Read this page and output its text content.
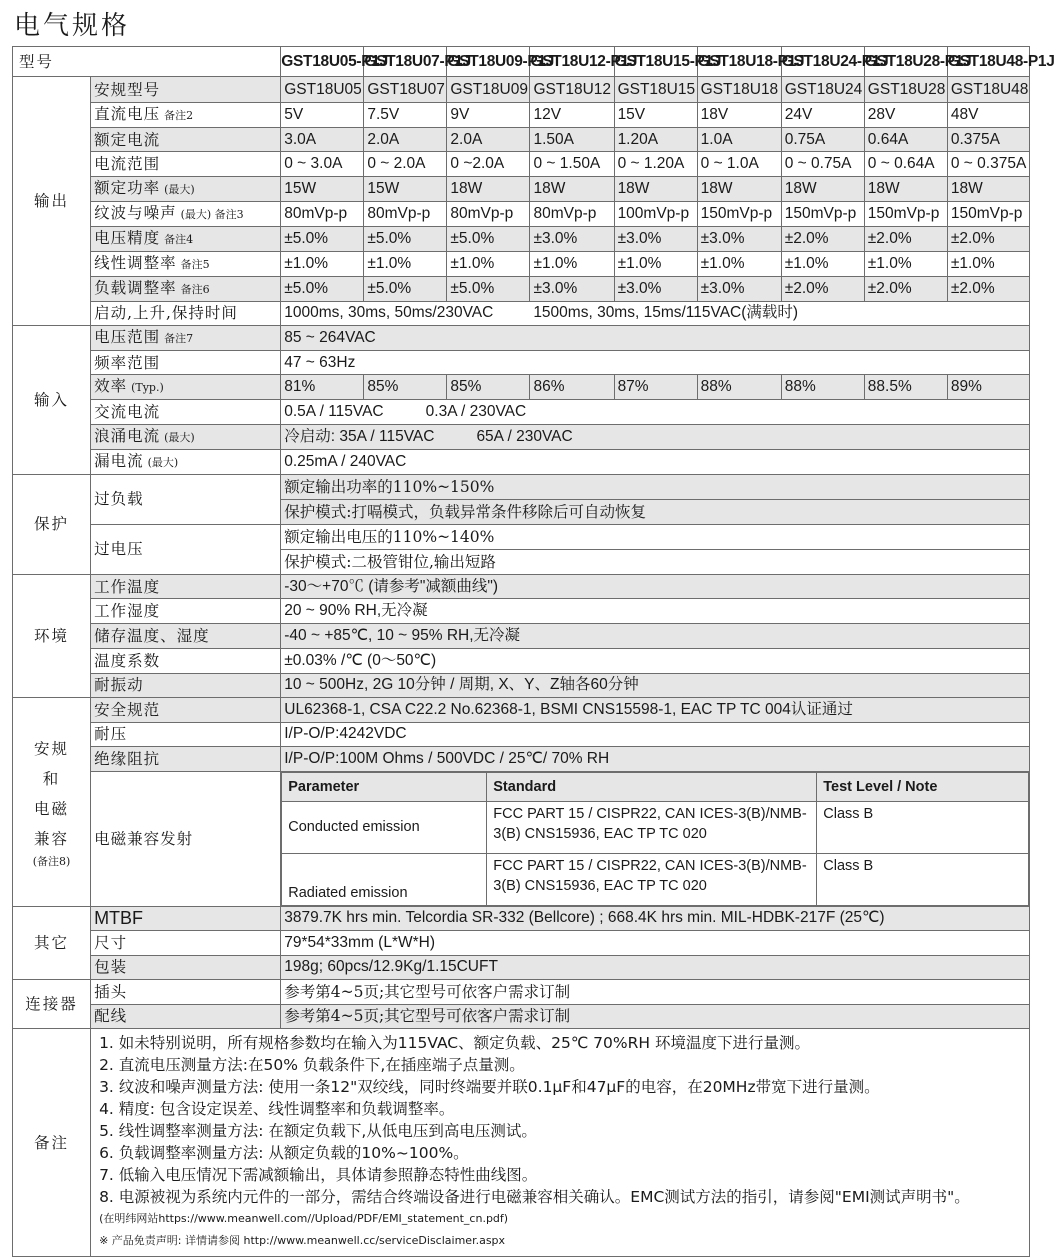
电气规格
型号	GST18U05-P1J	GST18U07-P1J	GST18U09-P1J	GST18U12-P1J	GST18U15-P1J	GST18U18-P1J	GST18U24-P1J	GST18U28-P1J	GST18U48-P1J
输出	安规型号	GST18U05	GST18U07	GST18U09	GST18U12	GST18U15	GST18U18	GST18U24	GST18U28	GST18U48
直流电压 备注2	5V	7.5V	9V	12V	15V	18V	24V	28V	48V
额定电流	3.0A	2.0A	2.0A	1.50A	1.20A	1.0A	0.75A	0.64A	0.375A
电流范围	0 ~ 3.0A	0 ~ 2.0A	0 ~2.0A	0 ~ 1.50A	0 ~ 1.20A	0 ~ 1.0A	0 ~ 0.75A	0 ~ 0.64A	0 ~ 0.375A
额定功率 (最大)	15W	15W	18W	18W	18W	18W	18W	18W	18W
纹波与噪声 (最大) 备注3	80mVp-p	80mVp-p	80mVp-p	80mVp-p	100mVp-p	150mVp-p	150mVp-p	150mVp-p	150mVp-p
电压精度 备注4	±5.0%	±5.0%	±5.0%	±3.0%	±3.0%	±3.0%	±2.0%	±2.0%	±2.0%
线性调整率 备注5	±1.0%	±1.0%	±1.0%	±1.0%	±1.0%	±1.0%	±1.0%	±1.0%	±1.0%
负载调整率 备注6	±5.0%	±5.0%	±5.0%	±3.0%	±3.0%	±3.0%	±2.0%	±2.0%	±2.0%
启动,上升,保持时间	1000ms, 30ms, 50ms/230VAC	1500ms, 30ms, 15ms/115VAC(满载时)
输入	电压范围 备注7	85 ~ 264VAC
频率范围	47 ~ 63Hz
效率 (Typ.)	81%	85%	85%	86%	87%	88%	88%	88.5%	89%
交流电流	0.5A / 115VAC	0.3A / 230VAC
浪涌电流 (最大)	冷启动: 35A / 115VAC	65A / 230VAC
漏电流 (最大)	0.25mA / 240VAC
保护	过负载	额定输出功率的110%~150%
保护模式:打嗝模式，负载异常条件移除后可自动恢复
过电压	额定输出电压的110%~140%
保护模式:二极管钳位,输出短路
环境	工作温度	-30～+70℃ (请参考"减额曲线")
工作湿度	20 ~ 90% RH,无冷凝
储存温度、湿度	-40 ~ +85℃, 10 ~ 95% RH,无冷凝
温度系数	±0.03% /℃ (0～50℃)
耐振动	10 ~ 500Hz, 2G 10分钟 / 周期, X、Y、Z轴各60分钟

安规
和
电磁
兼容
(备注8)
	安全规范	UL62368-1, CSA C22.2 No.62368-1, BSMI CNS15598-1, EAC TP TC 004认证通过
耐压	I/P-O/P:4242VDC
绝缘阻抗	I/P-O/P:100M Ohms / 500VDC / 25℃/ 70% RH
电磁兼容发射	
Parameter	Standard	Test Level / Note
Conducted emission	FCC PART 15 / CISPR22, CAN ICES-3(B)/NMB-3(B) CNS15936, EAC TP TC 020	Class B
Radiated emission	FCC PART 15 / CISPR22, CAN ICES-3(B)/NMB-3(B) CNS15936, EAC TP TC 020	Class B

其它	MTBF	3879.7K hrs min. Telcordia SR-332 (Bellcore) ; 668.4K hrs min. MIL-HDBK-217F (25℃)
尺寸	79*54*33mm (L*W*H)
包装	198g; 60pcs/12.9Kg/1.15CUFT
连接器	插头	参考第4~5页;其它型号可依客户需求订制
配线	参考第4~5页;其它型号可依客户需求订制
备注	
1. 如未特别说明，所有规格参数均在输入为115VAC、额定负载、25℃ 70%RH 环境温度下进行量测。
2. 直流电压测量方法:在50% 负载条件下,在插座端子点量测。
3. 纹波和噪声测量方法: 使用一条12"双绞线，同时终端要并联0.1μF和47μF的电容，在20MHz带宽下进行量测。
4. 精度: 包含设定误差、线性调整率和负载调整率。
5. 线性调整率测量方法: 在额定负载下,从低电压到高电压测试。
6. 负载调整率测量方法: 从额定负载的10%~100%。
7. 低输入电压情况下需减额输出，具体请参照静态特性曲线图。
8. 电源被视为系统内元件的一部分，需结合终端设备进行电磁兼容相关确认。EMC测试方法的指引，请参阅"EMI测试声明书"。
(在明纬网站https://www.meanwell.com//Upload/PDF/EMI_statement_cn.pdf)
※ 产品免责声明: 详情请参阅 http://www.meanwell.cc/serviceDisclaimer.aspx
